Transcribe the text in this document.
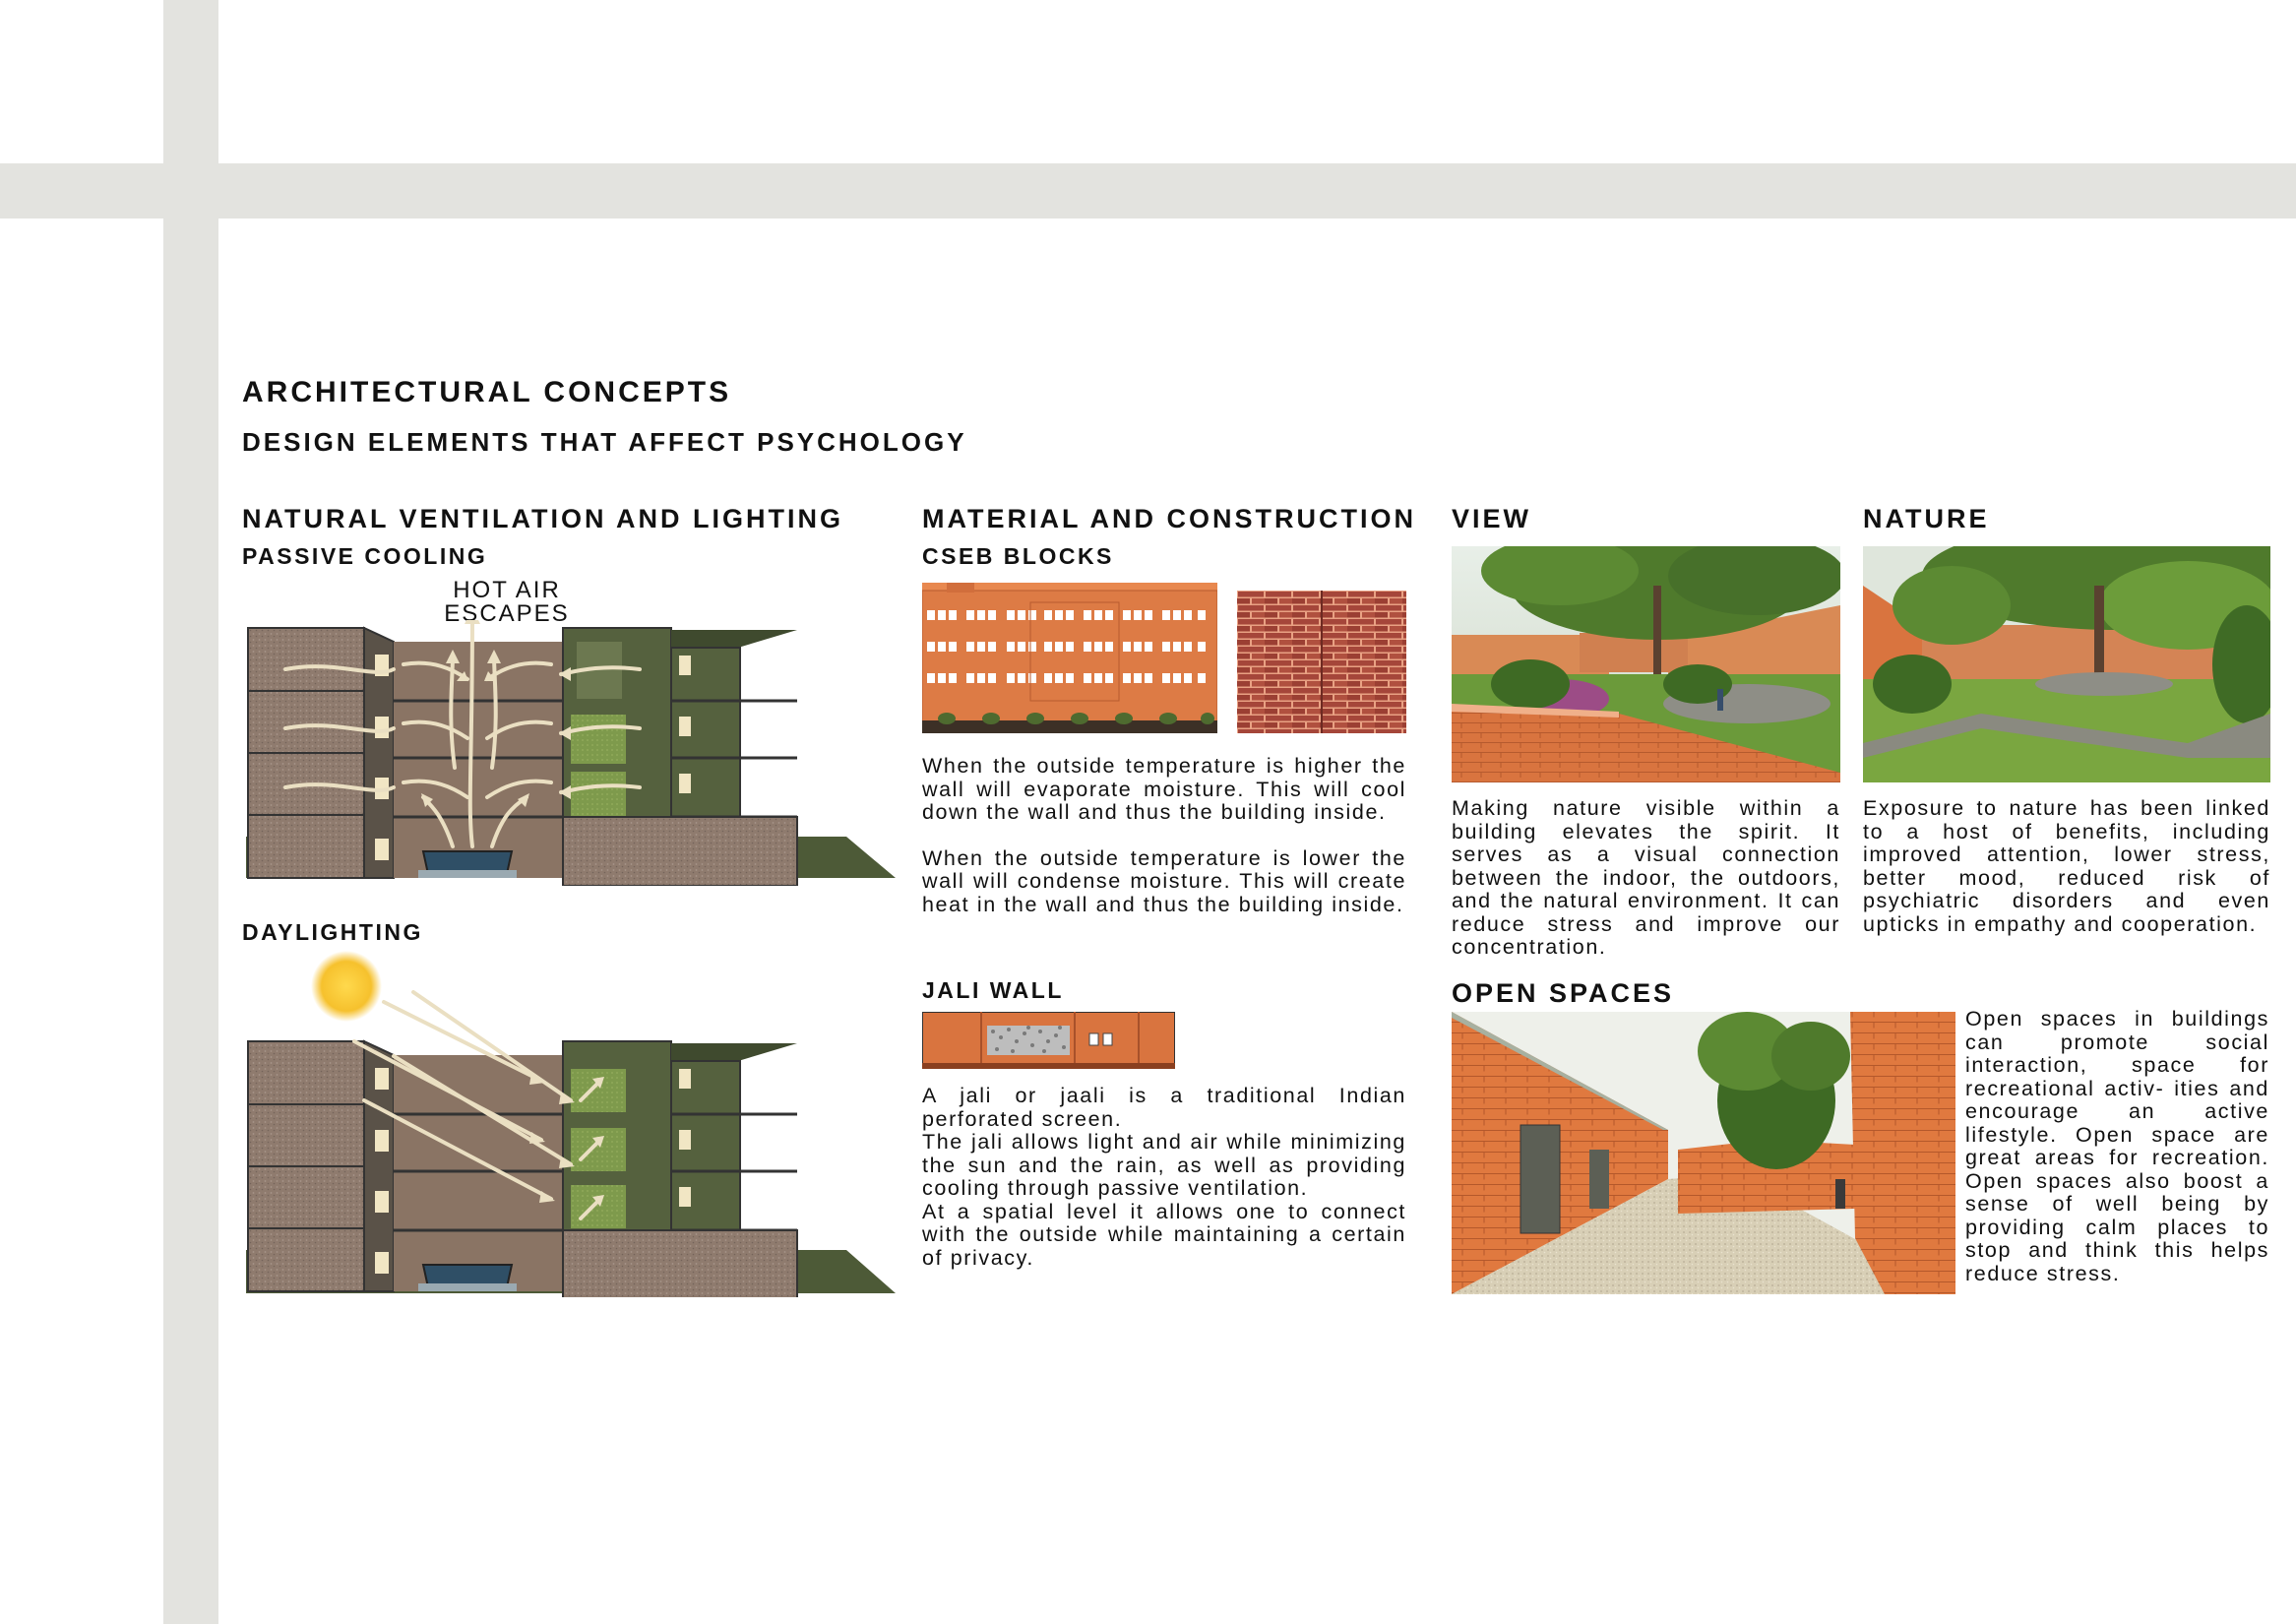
ARCHITECTURAL CONCEPTS
DESIGN ELEMENTS THAT AFFECT PSYCHOLOGY
NATURAL VENTILATION AND LIGHTING
PASSIVE COOLING
HOT AIR
ESCAPES
DAYLIGHTING
MATERIAL AND CONSTRUCTION
CSEB BLOCKS

When the outside temperature is higher the wall will evaporate moisture. This will cool down the wall and thus the building inside.

When the outside temperature is lower the wall will condense moisture. This will create heat in the wall and thus the building inside.

JALI WALL

A jali or jaali is a traditional Indian perforated screen.

The jali allows light and air while minimizing the sun and the rain, as well as providing cooling through passive ventilation.

At a spatial level it allows one to connect with the outside while maintaining a certain of privacy.

VIEW
Making nature visible within a building elevates the spirit. It serves as a visual connection between the indoor, the outdoors, and the natural environment. It can reduce stress and improve our concentration.
NATURE
Exposure to nature has been linked to a host of benefits, including improved attention, lower stress, better mood, reduced risk of psychiatric disorders and even upticks in empathy and cooperation.
OPEN SPACES
Open spaces in buildings can promote social interaction, space for recreational activ- ities and encourage an active lifestyle. Open space are great areas for recreation. Open spaces also boost a sense of well being by providing calm places to stop and think this helps reduce stress.
